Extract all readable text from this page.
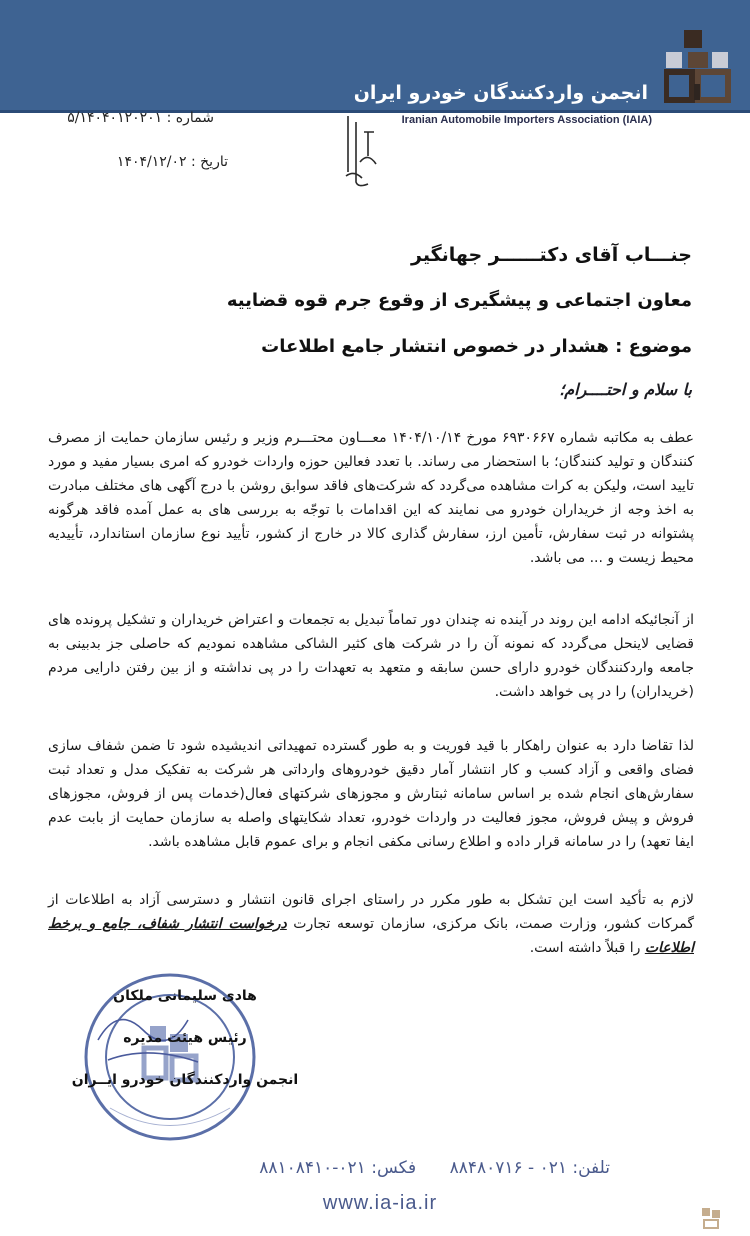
انجمن واردکنندگان خودرو ایران
Iranian Automobile Importers Association (IAIA)
شماره : ۵/۱۴۰۴۰۱۲۰۲۰۱
تاریخ : ۱۴۰۴/۱۲/۰۲
جنـــاب آقای دکتــــــر جهانگیر
معاون اجتماعی و پیشگیری از وقوع جرم قوه قضاییه
موضوع : هشدار در خصوص انتشار جامع اطلاعات
با سلام و احتــــرام؛
عطف به مکاتبه شماره ۶۹۳۰۶۶۷ مورخ ۱۴۰۴/۱۰/۱۴ معـــاون محتـــرم وزیر و رئیس سازمان حمایت از مصرف کنندگان و تولید کنندگان؛ با استحضار می رساند. با تعدد فعالین حوزه واردات خودرو که امری بسیار مفید و مورد تایید است، ولیکن به کرات مشاهده می‌گردد که شرکت‌های فاقد سوابق روشن با درج آگهی های مختلف مبادرت به اخذ وجه از خریداران خودرو می نمایند که این اقدامات با توجّه به بررسی های به عمل آمده فاقد هرگونه پشتوانه در ثبت سفارش، تأمین ارز، سفارش گذاری کالا در خارج از کشور، تأیید نوع سازمان استاندارد، تأییدیه محیط زیست و ... می باشد.
از آنجائیکه ادامه این روند در آینده نه چندان دور تماماً تبدیل به تجمعات و اعتراض خریداران و تشکیل پرونده های قضایی لاینحل می‌گردد که نمونه آن را در شرکت های کثیر الشاکی مشاهده نمودیم که حاصلی جز بدبینی به جامعه واردکنندگان خودرو دارای حسن سابقه و متعهد به تعهدات را در پی نداشته و از بین رفتن دارایی مردم (خریداران) را در پی خواهد داشت.
لذا تقاضا دارد به عنوان راهکار با قید فوریت و به طور گسترده تمهیداتی اندیشیده شود تا ضمن شفاف سازی فضای واقعی و آزاد کسب و کار انتشار آمار دقیق خودروهای وارداتی هر شرکت به تفکیک مدل و تعداد ثبت سفارش‌های انجام شده بر اساس سامانه ثبتارش و مجوزهای شرکتهای فعال(خدمات پس از فروش، مجوزهای فروش و پیش فروش، مجوز فعالیت در واردات خودرو، تعداد شکایتهای واصله به سازمان حمایت از بابت عدم ایفا تعهد) را در سامانه قرار داده و اطلاع رسانی مکفی انجام و برای عموم قابل مشاهده باشد.
لازم به تأکید است این تشکل به طور مکرر در راستای اجرای قانون انتشار و دسترسی آزاد به اطلاعات از گمرکات کشور، وزارت صمت، بانک مرکزی، سازمان توسعه تجارت درخواست انتشار شفاف، جامع و برخط اطلاعات را قبلاً داشته است.
هادی سلیمانی ملکان
رئیس هیئت مدیره
انجمن واردکنندگان خودرو ایــران
تلفن: ۰۲۱ - ۸۸۴۸۰۷۱۶ فکس: ۰۲۱-۸۸۱۰۸۴۱۰
www.ia-ia.ir
